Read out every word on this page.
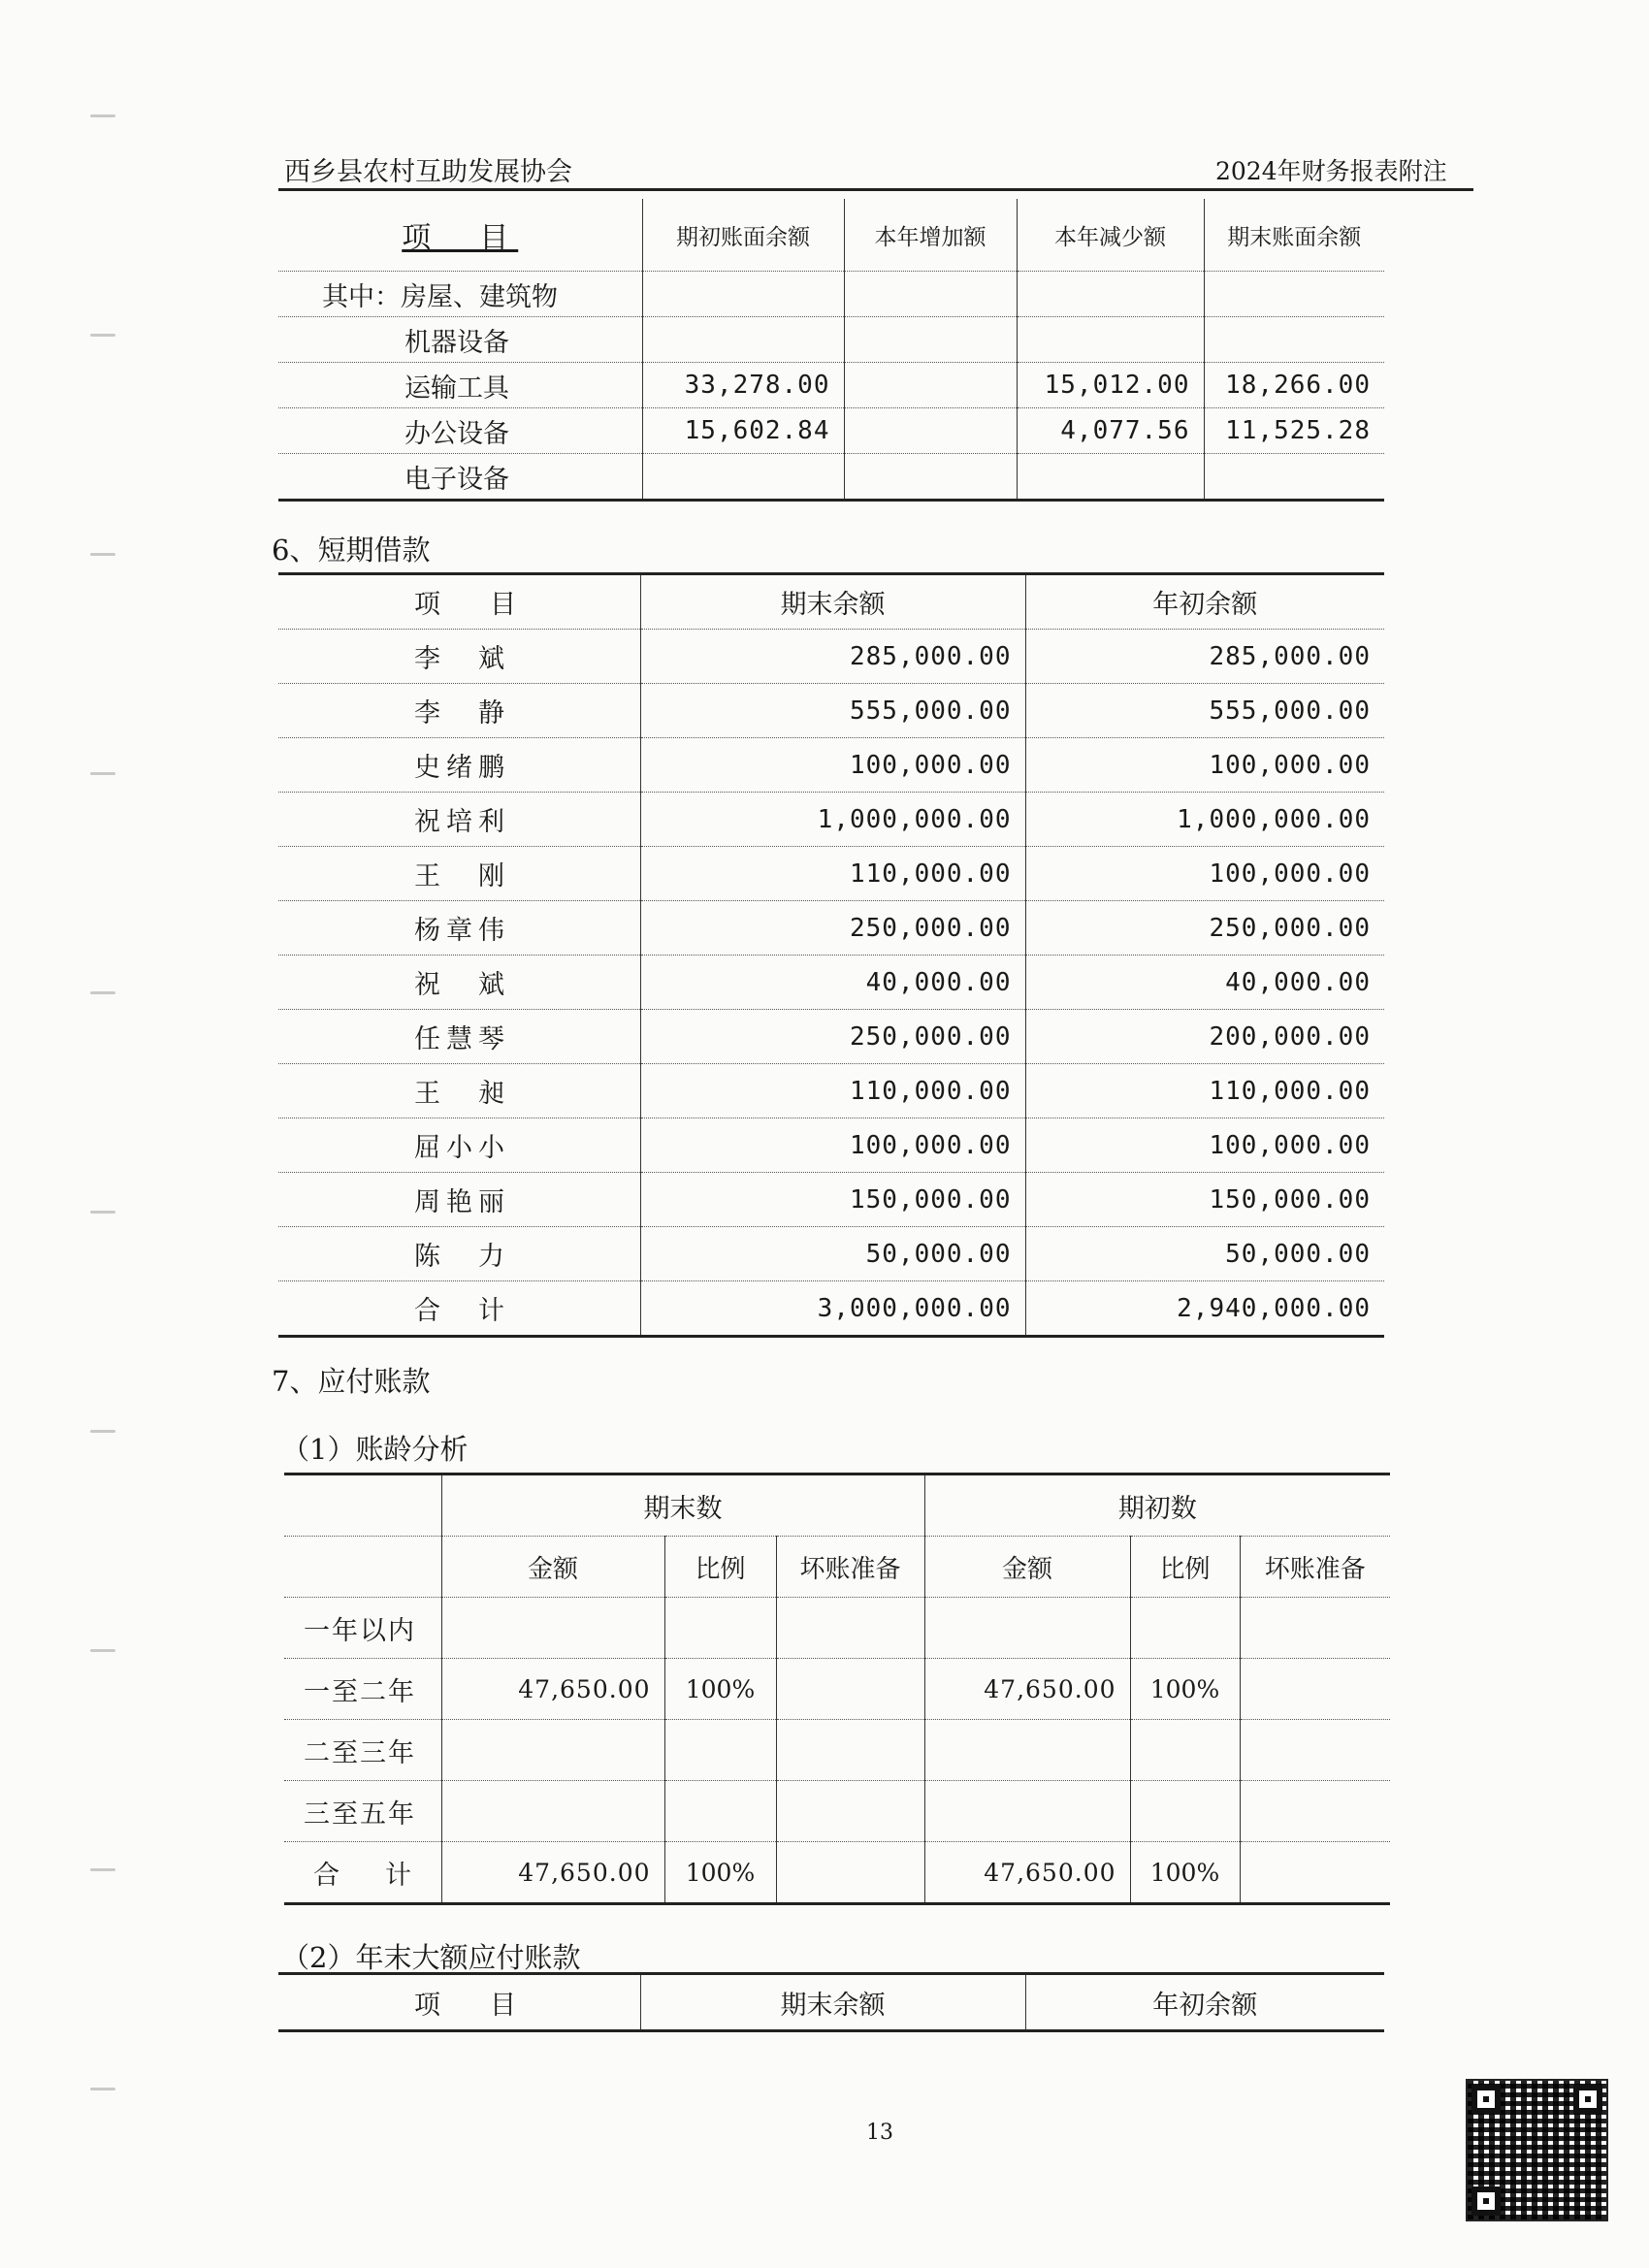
西乡县农村互助发展协会	2024年财务报表附注
项　目	期初账面余额	本年增加额	本年减少额	期末账面余额
其中：房屋、建筑物				
机器设备				
运输工具	33,278.00		15,012.00	18,266.00
办公设备	15,602.84		4,077.56	11,525.28
电子设备				
6、短期借款
项　目	期末余额	年初余额
李　斌	285,000.00	285,000.00
李　静	555,000.00	555,000.00
史绪鹏	100,000.00	100,000.00
祝培利	1,000,000.00	1,000,000.00
王　刚	110,000.00	100,000.00
杨章伟	250,000.00	250,000.00
祝　斌	40,000.00	40,000.00
任慧琴	250,000.00	200,000.00
王　昶	110,000.00	110,000.00
屈小小	100,000.00	100,000.00
周艳丽	150,000.00	150,000.00
陈　力	50,000.00	50,000.00
合　计	3,000,000.00	2,940,000.00
7、应付账款
（1）账龄分析
	期末数			期初数		
	金额	比例	坏账准备	金额	比例	坏账准备
一年以内						
一至二年	47,650.00	100%		47,650.00	100%	
二至三年						
三至五年						
合　计	47,650.00	100%		47,650.00	100%	
（2）年末大额应付账款
项　目	期末余额	年初余额
13
